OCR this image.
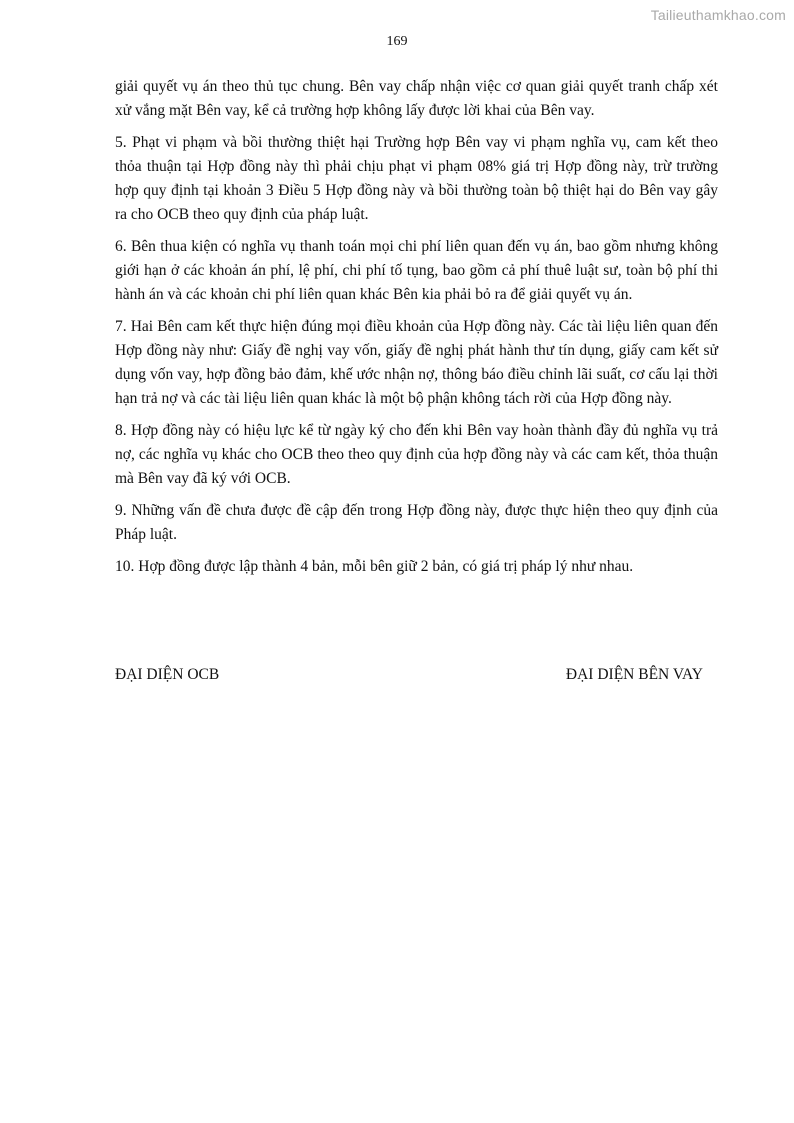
Tailieuthamkhao.com
169

giải quyết vụ án theo thủ tục chung. Bên vay chấp nhận việc cơ quan giải quyết tranh chấp xét xử vắng mặt Bên vay, kể cả trường hợp không lấy được lời khai của Bên vay.

5. Phạt vi phạm và bồi thường thiệt hại Trường hợp Bên vay vi phạm nghĩa vụ, cam kết theo thỏa thuận tại Hợp đồng này thì phải chịu phạt vi phạm 08% giá trị Hợp đồng này, trừ trường hợp quy định tại khoản 3 Điều 5 Hợp đồng này và bồi thường toàn bộ thiệt hại do Bên vay gây ra cho OCB theo quy định của pháp luật.

6. Bên thua kiện có nghĩa vụ thanh toán mọi chi phí liên quan đến vụ án, bao gồm nhưng không giới hạn ở các khoản án phí, lệ phí, chi phí tố tụng, bao gồm cả phí thuê luật sư, toàn bộ phí thi hành án và các khoản chi phí liên quan khác Bên kia phải bỏ ra để giải quyết vụ án.

7. Hai Bên cam kết thực hiện đúng mọi điều khoản của Hợp đồng này. Các tài liệu liên quan đến Hợp đồng này như: Giấy đề nghị vay vốn, giấy đề nghị phát hành thư tín dụng, giấy cam kết sử dụng vốn vay, hợp đồng bảo đảm, khế ước nhận nợ, thông báo điều chỉnh lãi suất, cơ cấu lại thời hạn trả nợ và các tài liệu liên quan khác là một bộ phận không tách rời của Hợp đồng này.

8. Hợp đồng này có hiệu lực kể từ ngày ký cho đến khi Bên vay hoàn thành đầy đủ nghĩa vụ trả nợ, các nghĩa vụ khác cho OCB theo theo quy định của hợp đồng này và các cam kết, thỏa thuận mà Bên vay đã ký với OCB.

9. Những vấn đề chưa được đề cập đến trong Hợp đồng này, được thực hiện theo quy định của Pháp luật.

10. Hợp đồng được lập thành 4 bản, mỗi bên giữ 2 bản, có giá trị pháp lý như nhau.

ĐẠI DIỆN OCB	ĐẠI DIỆN BÊN VAY
